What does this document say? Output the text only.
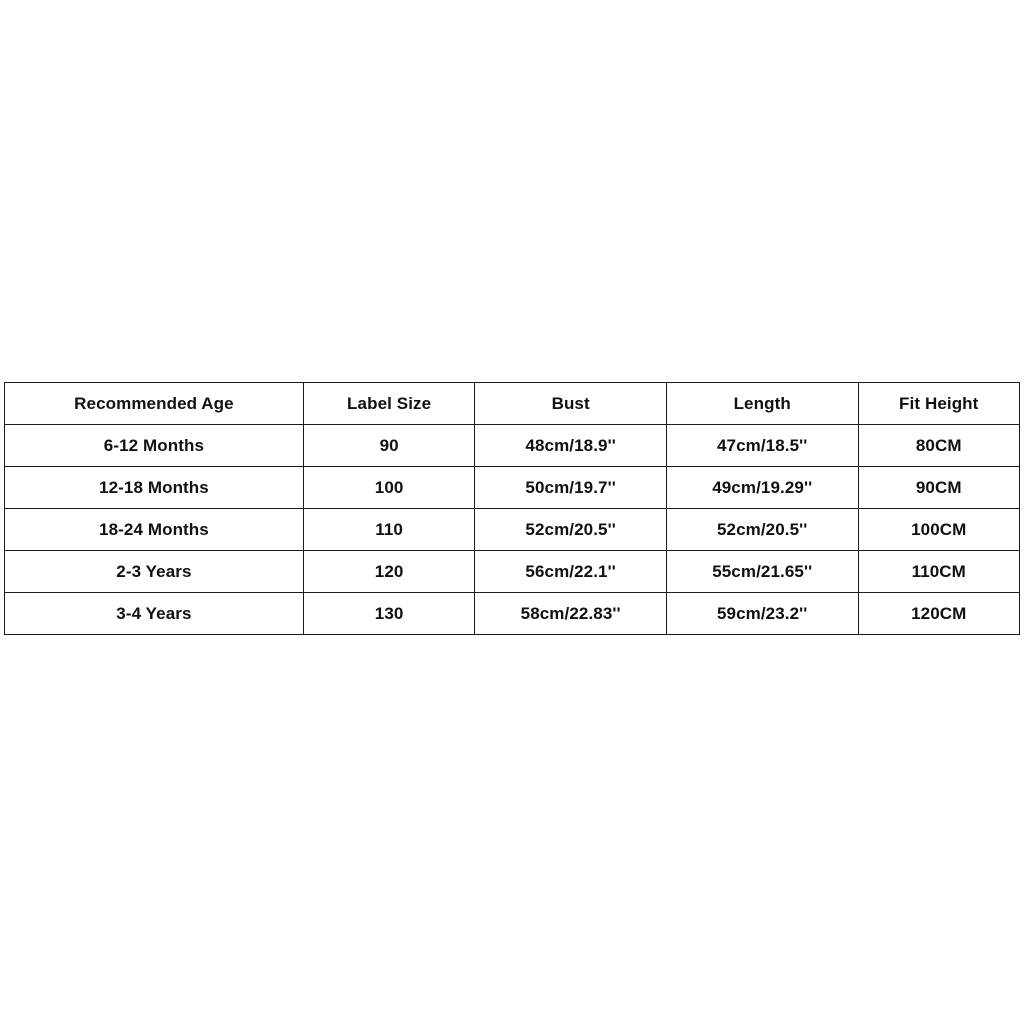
Recommended Age	Label Size	Bust	Length	Fit Height
6-12 Months	90	48cm/18.9''	47cm/18.5''	80CM
12-18 Months	100	50cm/19.7''	49cm/19.29''	90CM
18-24 Months	110	52cm/20.5''	52cm/20.5''	100CM
2-3 Years	120	56cm/22.1''	55cm/21.65''	110CM
3-4 Years	130	58cm/22.83''	59cm/23.2''	120CM
